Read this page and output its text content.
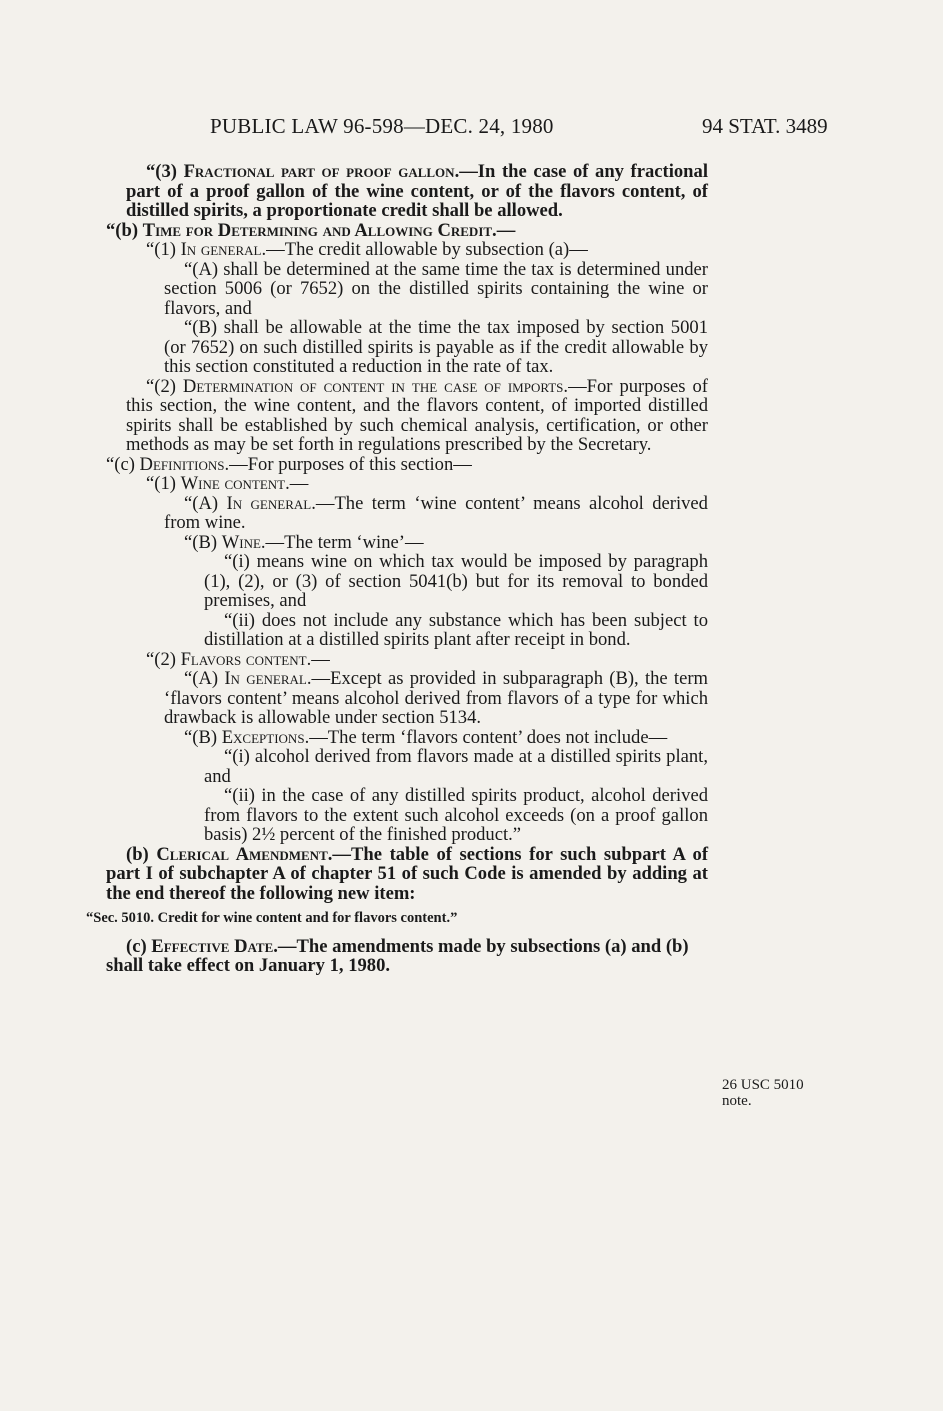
PUBLIC LAW 96-598—DEC. 24, 1980	94 STAT. 3489

“(3) Fractional part of proof gallon.—In the case of any fractional part of a proof gallon of the wine content, or of the flavors content, of distilled spirits, a proportionate credit shall be allowed.

“(b) Time for Determining and Allowing Credit.—

“(1) In general.—The credit allowable by subsection (a)—

“(A) shall be determined at the same time the tax is determined under section 5006 (or 7652) on the distilled spirits containing the wine or flavors, and

“(B) shall be allowable at the time the tax imposed by section 5001 (or 7652) on such distilled spirits is payable as if the credit allowable by this section constituted a reduction in the rate of tax.

“(2) Determination of content in the case of imports.—For purposes of this section, the wine content, and the flavors content, of imported distilled spirits shall be established by such chemical analysis, certification, or other methods as may be set forth in regulations prescribed by the Secretary.

“(c) Definitions.—For purposes of this section—

“(1) Wine content.—

“(A) In general.—The term ‘wine content’ means alcohol derived from wine.

“(B) Wine.—The term ‘wine’—

“(i) means wine on which tax would be imposed by paragraph (1), (2), or (3) of section 5041(b) but for its removal to bonded premises, and

“(ii) does not include any substance which has been subject to distillation at a distilled spirits plant after receipt in bond.

“(2) Flavors content.—

“(A) In general.—Except as provided in subparagraph (B), the term ‘flavors content’ means alcohol derived from flavors of a type for which drawback is allowable under section 5134.

“(B) Exceptions.—The term ‘flavors content’ does not include—

“(i) alcohol derived from flavors made at a distilled spirits plant, and

“(ii) in the case of any distilled spirits product, alcohol derived from flavors to the extent such alcohol exceeds (on a proof gallon basis) 2½ percent of the finished product.”

(b) Clerical Amendment.—The table of sections for such subpart A of part I of subchapter A of chapter 51 of such Code is amended by adding at the end thereof the following new item:

“Sec. 5010. Credit for wine content and for flavors content.”

(c) Effective Date.—The amendments made by subsections (a) and (b) shall take effect on January 1, 1980.

26 USC 5010
note.
